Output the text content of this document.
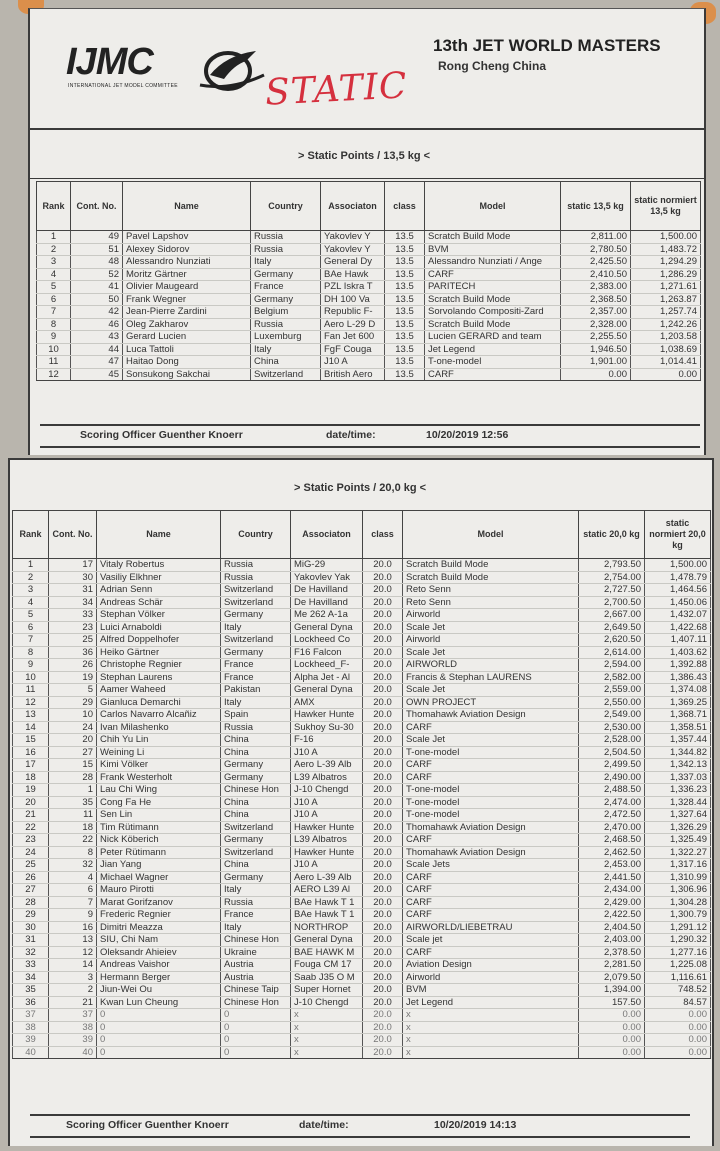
IJMC
INTERNATIONAL JET MODEL COMMITTEE STATIC
13th JET WORLD MASTERS
Rong Cheng China
> Static Points / 13,5 kg <
Rank	Cont. No.	Name	Country	Associaton	class	Model	static 13,5 kg	static normiert 13,5 kg
1	49	Pavel Lapshov	Russia	Yakovlev Y	13.5	Scratch Build Mode	2,811.00	1,500.00
2	51	Alexey Sidorov	Russia	Yakovlev Y	13.5	BVM	2,780.50	1,483.72
3	48	Alessandro Nunziati	Italy	General Dy	13.5	Alessandro Nunziati / Ange	2,425.50	1,294.29
4	52	Moritz Gärtner	Germany	BAe Hawk	13.5	CARF	2,410.50	1,286.29
5	41	Olivier Maugeard	France	PZL Iskra T	13.5	PARITECH	2,383.00	1,271.61
6	50	Frank Wegner	Germany	DH 100 Va	13.5	Scratch Build Mode	2,368.50	1,263.87
7	42	Jean-Pierre Zardini	Belgium	Republic F-	13.5	Sorvolando Compositi-Zard	2,357.00	1,257.74
8	46	Oleg Zakharov	Russia	Aero L-29 D	13.5	Scratch Build Mode	2,328.00	1,242.26
9	43	Gerard Lucien	Luxemburg	Fan Jet 600	13.5	Lucien GERARD and team	2,255.50	1,203.58
10	44	Luca Tattoli	Italy	FgF Couga	13.5	Jet Legend	1,946.50	1,038.69
11	47	Haitao Dong	China	J10 A	13.5	T-one-model	1,901.00	1,014.41
12	45	Sonsukong Sakchai	Switzerland	British Aero	13.5	CARF	0.00	0.00
Scoring Officer Guenther Knoerr	date/time:	10/20/2019 12:56
> Static Points / 20,0 kg <
Rank	Cont. No.	Name	Country	Associaton	class	Model	static 20,0 kg	static normiert 20,0 kg
1	17	Vitaly Robertus	Russia	MiG-29	20.0	Scratch Build Mode	2,793.50	1,500.00
2	30	Vasiliy Elkhner	Russia	Yakovlev Yak	20.0	Scratch Build Mode	2,754.00	1,478.79
3	31	Adrian Senn	Switzerland	De Havilland	20.0	Reto Senn	2,727.50	1,464.56
4	34	Andreas Schär	Switzerland	De Havilland	20.0	Reto Senn	2,700.50	1,450.06
5	33	Stephan Völker	Germany	Me 262 A-1a	20.0	Airworld	2,667.00	1,432.07
6	23	Luici Arnaboldi	Italy	General Dyna	20.0	Scale Jet	2,649.50	1,422.68
7	25	Alfred Doppelhofer	Switzerland	Lockheed Co	20.0	Airworld	2,620.50	1,407.11
8	36	Heiko Gärtner	Germany	F16 Falcon	20.0	Scale Jet	2,614.00	1,403.62
9	26	Christophe Regnier	France	Lockheed_F-	20.0	AIRWORLD	2,594.00	1,392.88
10	19	Stephan Laurens	France	Alpha Jet - Al	20.0	Francis & Stephan LAURENS	2,582.00	1,386.43
11	5	Aamer Waheed	Pakistan	General Dyna	20.0	Scale Jet	2,559.00	1,374.08
12	29	Gianluca Demarchi	Italy	AMX	20.0	OWN PROJECT	2,550.00	1,369.25
13	10	Carlos Navarro Alcañiz	Spain	Hawker Hunte	20.0	Thomahawk Aviation Design	2,549.00	1,368.71
14	24	Ivan Milashenko	Russia	Sukhoy Su-30	20.0	CARF	2,530.00	1,358.51
15	20	Chih Yu Lin	China	F-16	20.0	Scale Jet	2,528.00	1,357.44
16	27	Weining Li	China	J10 A	20.0	T-one-model	2,504.50	1,344.82
17	15	Kimi Völker	Germany	Aero L-39 Alb	20.0	CARF	2,499.50	1,342.13
18	28	Frank Westerholt	Germany	L39 Albatros	20.0	CARF	2,490.00	1,337.03
19	1	Lau Chi Wing	Chinese Hon	J-10 Chengd	20.0	T-one-model	2,488.50	1,336.23
20	35	Cong Fa He	China	J10 A	20.0	T-one-model	2,474.00	1,328.44
21	11	Sen Lin	China	J10 A	20.0	T-one-model	2,472.50	1,327.64
22	18	Tim Rütimann	Switzerland	Hawker Hunte	20.0	Thomahawk Aviation Design	2,470.00	1,326.29
23	22	Nick Köberich	Germany	L39 Albatros	20.0	CARF	2,468.50	1,325.49
24	8	Peter Rütimann	Switzerland	Hawker Hunte	20.0	Thomahawk Aviation Design	2,462.50	1,322.27
25	32	Jian Yang	China	J10 A	20.0	Scale Jets	2,453.00	1,317.16
26	4	Michael Wagner	Germany	Aero L-39 Alb	20.0	CARF	2,441.50	1,310.99
27	6	Mauro Pirotti	Italy	AERO L39 Al	20.0	CARF	2,434.00	1,306.96
28	7	Marat Gorifzanov	Russia	BAe Hawk T 1	20.0	CARF	2,429.00	1,304.28
29	9	Frederic Regnier	France	BAe Hawk T 1	20.0	CARF	2,422.50	1,300.79
30	16	Dimitri Meazza	Italy	NORTHROP	20.0	AIRWORLD/LIEBETRAU	2,404.50	1,291.12
31	13	SIU, Chi Nam	Chinese Hon	General Dyna	20.0	Scale jet	2,403.00	1,290.32
32	12	Oleksandr Ahieiev	Ukraine	BAE HAWK M	20.0	CARF	2,378.50	1,277.16
33	14	Andreas Vaishor	Austria	Fouga CM 17	20.0	Aviation Design	2,281.50	1,225.08
34	3	Hermann Berger	Austria	Saab J35 O M	20.0	Airworld	2,079.50	1,116.61
35	2	Jiun-Wei Ou	Chinese Taip	Super Hornet	20.0	BVM	1,394.00	748.52
36	21	Kwan Lun Cheung	Chinese Hon	J-10 Chengd	20.0	Jet Legend	157.50	84.57
37	37	0	0	x	20.0	x	0.00	0.00
38	38	0	0	x	20.0	x	0.00	0.00
39	39	0	0	x	20.0	x	0.00	0.00
40	40	0	0	x	20.0	x	0.00	0.00
Scoring Officer Guenther Knoerr	date/time:	10/20/2019 14:13
